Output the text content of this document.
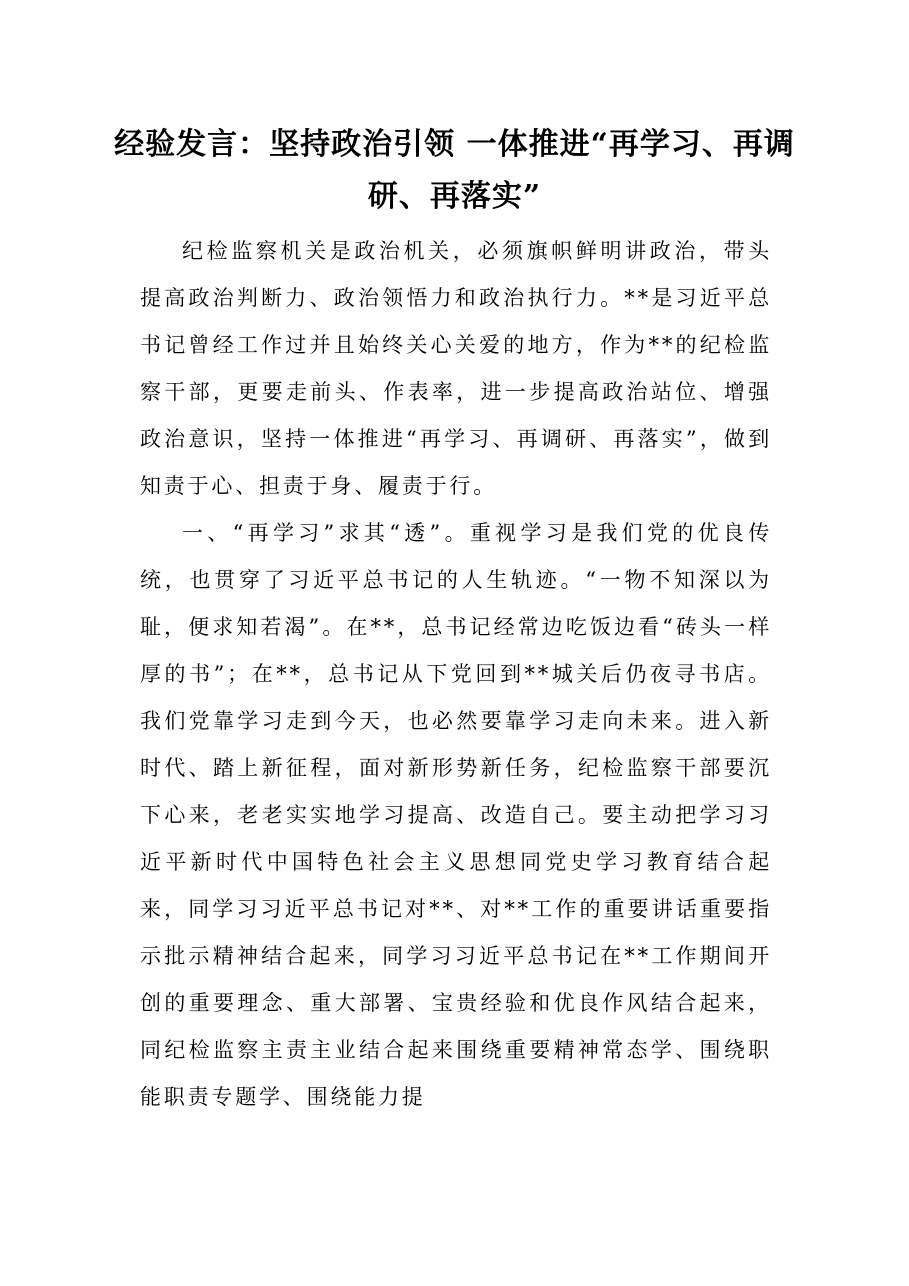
经验发言：坚持政治引领 一体推进“再学习、再调研、再落实”

纪检监察机关是政治机关，必须旗帜鲜明讲政治，带头提高政治判断力、政治领悟力和政治执行力。**是习近平总书记曾经工作过并且始终关心关爱的地方，作为**的纪检监察干部，更要走前头、作表率，进一步提高政治站位、增强政治意识，坚持一体推进“再学习、再调研、再落实”，做到知责于心、担责于身、履责于行。

一、“再学习”求其“透”。重视学习是我们党的优良传统，也贯穿了习近平总书记的人生轨迹。“一物不知深以为耻，便求知若渴”。在**，总书记经常边吃饭边看“砖头一样厚的书”；在**，总书记从下党回到**城关后仍夜寻书店。我们党靠学习走到今天，也必然要靠学习走向未来。进入新时代、踏上新征程，面对新形势新任务，纪检监察干部要沉下心来，老老实实地学习提高、改造自己。要主动把学习习近平新时代中国特色社会主义思想同党史学习教育结合起来，同学习习近平总书记对**、对**工作的重要讲话重要指示批示精神结合起来，同学习习近平总书记在**工作期间开创的重要理念、重大部署、宝贵经验和优良作风结合起来，同纪检监察主责主业结合起来围绕重要精神常态学、围绕职能职责专题学、围绕能力提
